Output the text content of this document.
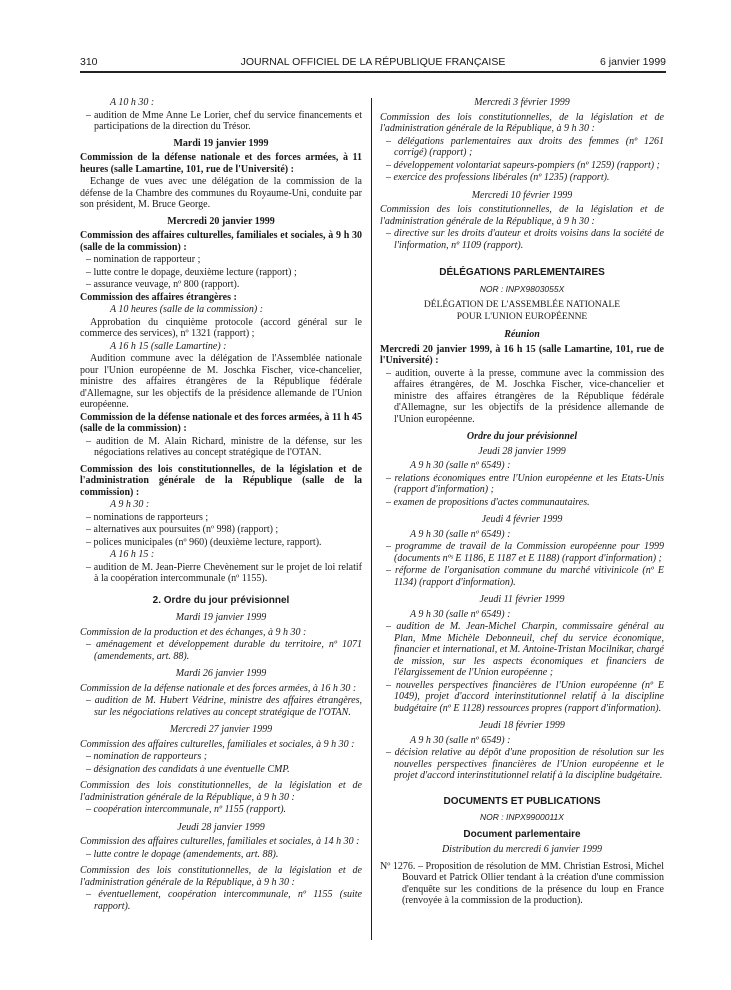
JOURNAL OFFICIEL DE LA RÉPUBLIQUE FRANÇAISE
310	6 janvier 1999

A 10 h 30 :

– audition de Mme Anne Le Lorier, chef du service financements et participations de la direction du Trésor.

Mardi 19 janvier 1999

Commission de la défense nationale et des forces armées, à 11 heures (salle Lamartine, 101, rue de l'Université) :

Echange de vues avec une délégation de la commission de la défense de la Chambre des communes du Royaume-Uni, conduite par son président, M. Bruce George.

Mercredi 20 janvier 1999

Commission des affaires culturelles, familiales et sociales, à 9 h 30 (salle de la commission) :

– nomination de rapporteur ;

– lutte contre le dopage, deuxième lecture (rapport) ;

– assurance veuvage, nº 800 (rapport).

Commission des affaires étrangères :

A 10 heures (salle de la commission) :

Approbation du cinquième protocole (accord général sur le commerce des services), nº 1321 (rapport) ;

A 16 h 15 (salle Lamartine) :

Audition commune avec la délégation de l'Assemblée nationale pour l'Union européenne de M. Joschka Fischer, vice-chancelier, ministre des affaires étrangères de la République fédérale d'Allemagne, sur les objectifs de la présidence allemande de l'Union européenne.

Commission de la défense nationale et des forces armées, à 11 h 45 (salle de la commission) :

– audition de M. Alain Richard, ministre de la défense, sur les négociations relatives au concept stratégique de l'OTAN.

Commission des lois constitutionnelles, de la législation et de l'administration générale de la République (salle de la commission) :

A 9 h 30 :

– nominations de rapporteurs ;

– alternatives aux poursuites (nº 998) (rapport) ;

– polices municipales (nº 960) (deuxième lecture, rapport).

A 16 h 15 :

– audition de M. Jean-Pierre Chevènement sur le projet de loi relatif à la coopération intercommunale (nº 1155).

2. Ordre du jour prévisionnel

Mardi 19 janvier 1999

Commission de la production et des échanges, à 9 h 30 :

– aménagement et développement durable du territoire, nº 1071 (amendements, art. 88).

Mardi 26 janvier 1999

Commission de la défense nationale et des forces armées, à 16 h 30 :

– audition de M. Hubert Védrine, ministre des affaires étrangères, sur les négociations relatives au concept stratégique de l'OTAN.

Mercredi 27 janvier 1999

Commission des affaires culturelles, familiales et sociales, à 9 h 30 :

– nomination de rapporteurs ;

– désignation des candidats à une éventuelle CMP.

Commission des lois constitutionnelles, de la législation et de l'administration générale de la République, à 9 h 30 :

– coopération intercommunale, nº 1155 (rapport).

Jeudi 28 janvier 1999

Commission des affaires culturelles, familiales et sociales, à 14 h 30 :

– lutte contre le dopage (amendements, art. 88).

Commission des lois constitutionnelles, de la législation et de l'administration générale de la République, à 9 h 30 :

– éventuellement, coopération intercommunale, nº 1155 (suite rapport).

Mercredi 3 février 1999

Commission des lois constitutionnelles, de la législation et de l'administration générale de la République, à 9 h 30 :

– délégations parlementaires aux droits des femmes (nº 1261 corrigé) (rapport) ;

– développement volontariat sapeurs-pompiers (nº 1259) (rapport) ;

– exercice des professions libérales (nº 1235) (rapport).

Mercredi 10 février 1999

Commission des lois constitutionnelles, de la législation et de l'administration générale de la République, à 9 h 30 :

– directive sur les droits d'auteur et droits voisins dans la société de l'information, nº 1109 (rapport).

DÉLÉGATIONS PARLEMENTAIRES

NOR : INPX9803055X

DÉLÉGATION DE L'ASSEMBLÉE NATIONALE

POUR L'UNION EUROPÉENNE

Réunion

Mercredi 20 janvier 1999, à 16 h 15 (salle Lamartine, 101, rue de l'Université) :

– audition, ouverte à la presse, commune avec la commission des affaires étrangères, de M. Joschka Fischer, vice-chancelier et ministre des affaires étrangères de la République fédérale d'Allemagne, sur les objectifs de la présidence allemande de l'Union européenne.

Ordre du jour prévisionnel

Jeudi 28 janvier 1999

A 9 h 30 (salle nº 6549) :

– relations économiques entre l'Union européenne et les Etats-Unis (rapport d'information) ;

– examen de propositions d'actes communautaires.

Jeudi 4 février 1999

A 9 h 30 (salle nº 6549) :

– programme de travail de la Commission européenne pour 1999 (documents nºˢ E 1186, E 1187 et E 1188) (rapport d'information) ;

– réforme de l'organisation commune du marché vitivinicole (nº E 1134) (rapport d'information).

Jeudi 11 février 1999

A 9 h 30 (salle nº 6549) :

– audition de M. Jean-Michel Charpin, commissaire général au Plan, Mme Michèle Debonneuil, chef du service économique, financier et international, et M. Antoine-Tristan Mocilnikar, chargé de mission, sur les aspects économiques et financiers de l'élargissement de l'Union européenne ;

– nouvelles perspectives financières de l'Union européenne (nº E 1049), projet d'accord interinstitutionnel relatif à la discipline budgétaire (nº E 1128) ressources propres (rapport d'information).

Jeudi 18 février 1999

A 9 h 30 (salle nº 6549) :

– décision relative au dépôt d'une proposition de résolution sur les nouvelles perspectives financières de l'Union européenne et le projet d'accord interinstitutionnel relatif à la discipline budgétaire.

DOCUMENTS ET PUBLICATIONS

NOR : INPX9900011X

Document parlementaire

Distribution du mercredi 6 janvier 1999

Nº 1276. – Proposition de résolution de MM. Christian Estrosi, Michel Bouvard et Patrick Ollier tendant à la création d'une commission d'enquête sur les conditions de la présence du loup en France (renvoyée à la commission de la production).
